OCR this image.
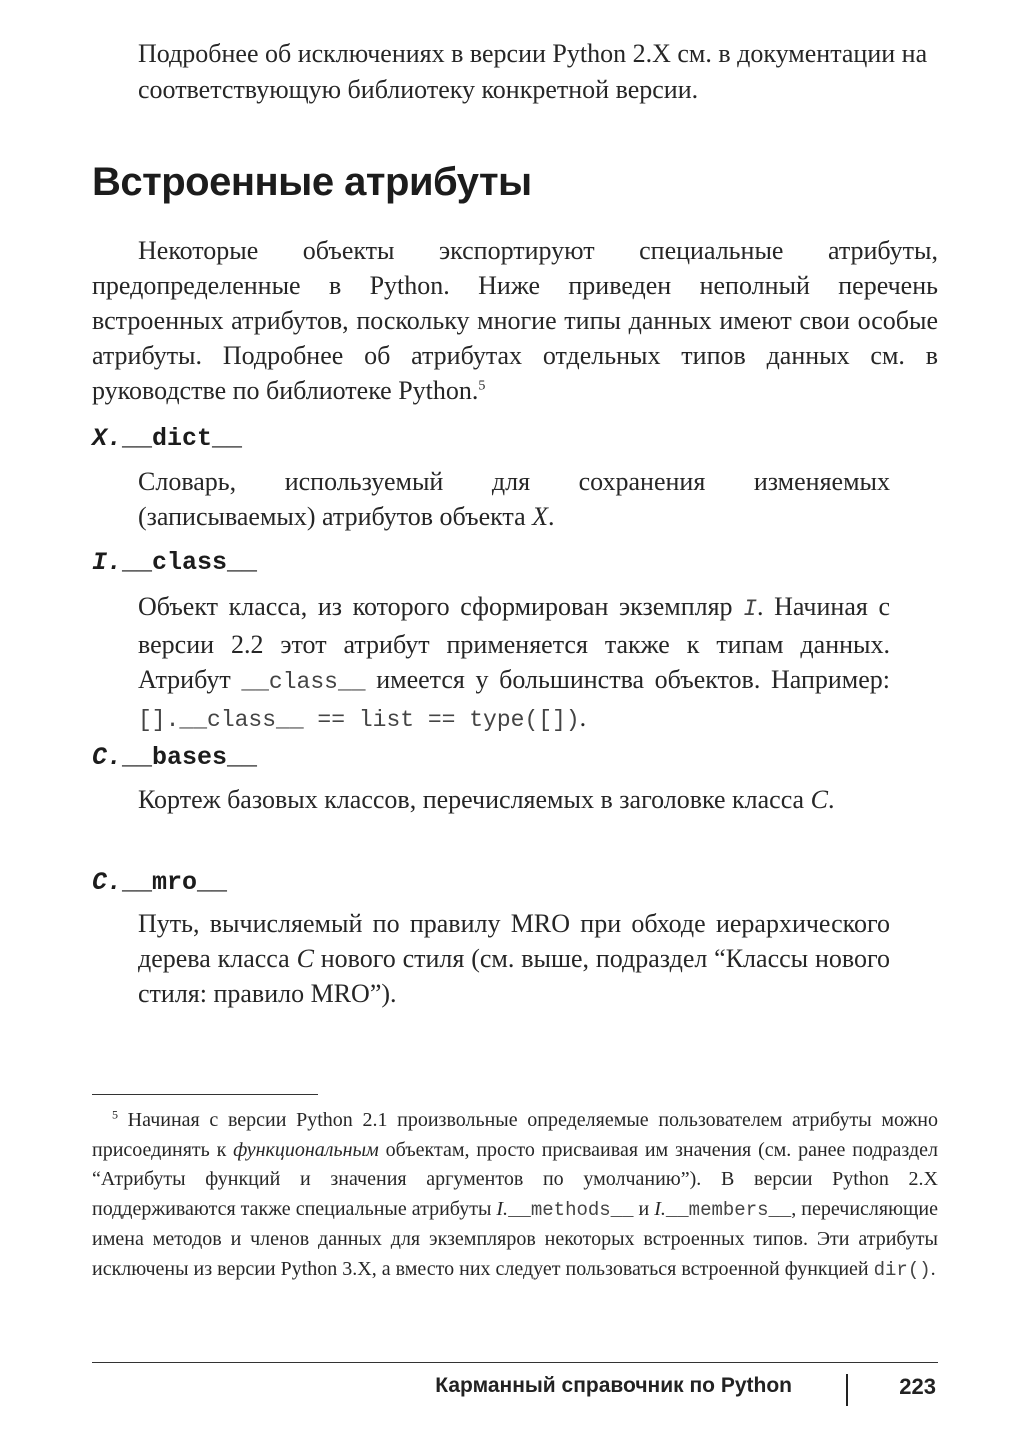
Подробнее об исключениях в версии Python 2.X см. в документации на соответствующую библиотеку конкретной версии.

Встроенные атрибуты

Некоторые объекты экспортируют специальные атрибуты, предопределенные в Python. Ниже приведен неполный перечень встроенных атрибутов, поскольку многие типы данных имеют свои особые атрибуты. Подробнее об атрибутах отдельных типов данных см. в руководстве по библиотеке Python.$^5$

X.__dict__

Словарь, используемый для сохранения изменяемых (записываемых) атрибутов объекта X.

I.__class__

Объект класса, из которого сформирован экземпляр I. Начиная с версии 2.2 этот атрибут применяется также к типам данных. Атрибут __class__ имеется у большинства объектов. Например: [].__class__ == list == type([]).

C.__bases__

Кортеж базовых классов, перечисляемых в заголовке класса C.

C.__mro__

Путь, вычисляемый по правилу MRO при обходе иерархического дерева класса C нового стиля (см. выше, подраздел “Классы нового стиля: правило MRO”).

$^5$ Начиная с версии Python 2.1 произвольные определяемые пользователем атрибуты можно присоединять к функциональным объектам, просто присваивая им значения (см. ранее подраздел “Атрибуты функций и значения аргументов по умолчанию”). В версии Python 2.X поддерживаются также специальные атрибуты I.__methods__ и I.__members__, перечисляющие имена методов и членов данных для экземпляров некоторых встроенных типов. Эти атрибуты исключены из версии Python 3.X, а вместо них следует пользоваться встроенной функцией dir().

Карманный справочник по Python	223
